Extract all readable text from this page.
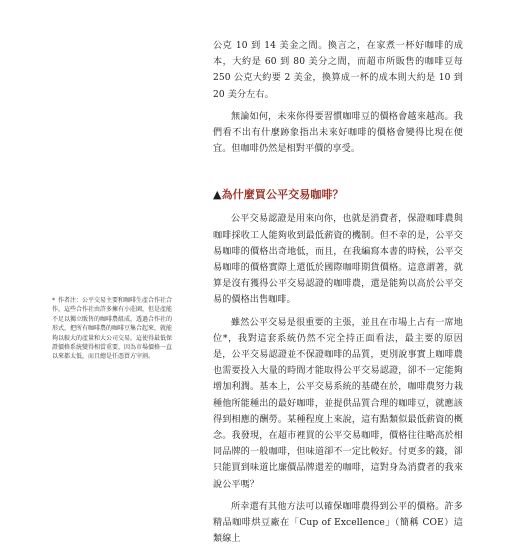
公克 10 到 14 美金之間。換言之，在家煮一杯好咖啡的成本，大約是 60 到 80 美分之間，而超市所販售的咖啡豆每 250 公克大約要 2 美金，換算成一杯的成本則大約是 10 到 20 美分左右。

無論如何，未來你得要習慣咖啡豆的價格會越來越高。我們看不出有什麼跡象指出未來好咖啡的價格會變得比現在便宜。但咖啡仍然是相對平價的享受。

▲為什麼買公平交易咖啡？

公平交易認證是用來向你，也就是消費者，保證咖啡農與咖啡採收工人能夠收到最低薪資的機制。但不幸的是，公平交易咖啡的價格出奇地低，而且，在我編寫本書的時候，公平交易咖啡的價格實際上還低於國際咖啡期貨價格。這意謂著，就算是沒有獲得公平交易認證的咖啡農，還是能夠以高於公平交易的價格出售咖啡。

雖然公平交易是很重要的主張，並且在市場上占有一席地位*，我對這套系統仍然不完全持正面看法，最主要的原因是，公平交易認證並不保證咖啡的品質，更別說事實上咖啡農也需要投入大量的時間才能取得公平交易認證，卻不一定能夠增加利潤。基本上，公平交易系統的基礎在於，咖啡農努力栽種他所能種出的最好咖啡，並提供品質合理的咖啡豆，就應該得到相應的酬勞。某種程度上來說，這有點類似最低薪資的概念。我發現，在超市裡買的公平交易咖啡，價格往往略高於相同品牌的一般咖啡，但味道卻不一定比較好。付更多的錢，卻只能買到味道比廉價品牌還差的咖啡，這對身為消費者的我來說公平嗎？

所幸還有其他方法可以確保咖啡農得到公平的價格。許多精品咖啡烘豆廠在「Cup of Excellence」（簡稱 COE）這類線上

* 作者注：公平交易主要和咖啡生產合作社合作，這些合作社由許多擁有小莊園，但是產能不足以獨立販售的咖啡農組成，透過合作社的形式，把所有咖啡農的咖啡豆集合起來，就能夠以較大的產量和大公司交易，這使得最低保證價格系統變得相當重要，因為市場價格一直以來都太低，而且總是任憑買方宰割。
